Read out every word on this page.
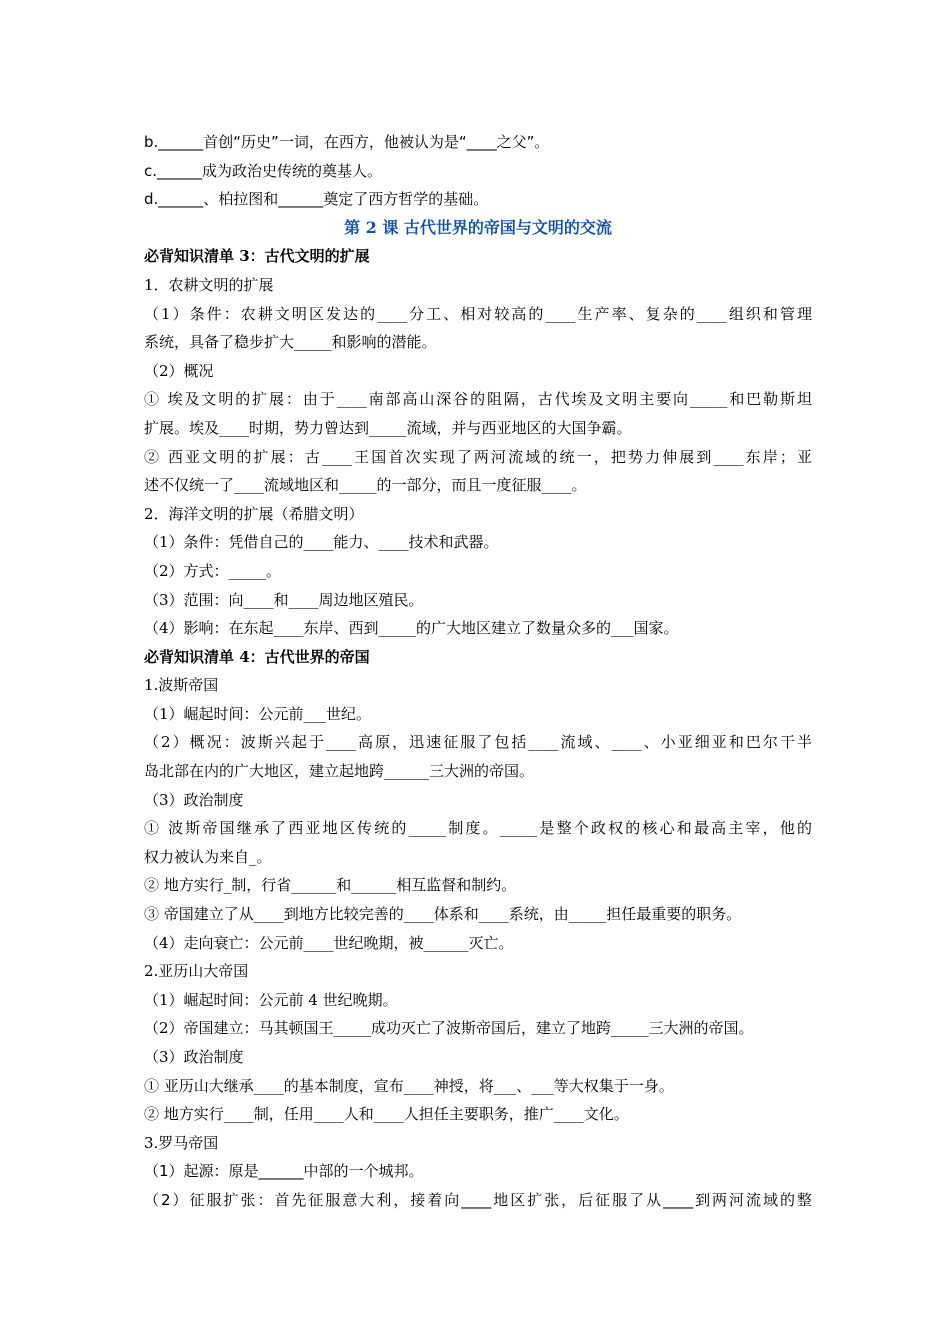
b.______首创“历史”一词，在西方，他被认为是“____之父”。
c.______成为政治史传统的奠基人。
d.______、柏拉图和______奠定了西方哲学的基础。
第 2 课 古代世界的帝国与文明的交流
必背知识清单 3：古代文明的扩展
1．农耕文明的扩展
（1）条件：农耕文明区发达的____分工、相对较高的____生产率、复杂的____组织和管理
系统，具备了稳步扩大_____和影响的潜能。
（2）概况
① 埃及文明的扩展：由于____南部高山深谷的阻隔，古代埃及文明主要向_____和巴勒斯坦
扩展。埃及____时期，势力曾达到_____流域，并与西亚地区的大国争霸。
② 西亚文明的扩展：古____王国首次实现了两河流域的统一，把势力伸展到____东岸；亚
述不仅统一了____流域地区和_____的一部分，而且一度征服____。
2．海洋文明的扩展（希腊文明）
（1）条件：凭借自己的____能力、____技术和武器。
（2）方式：_____。
（3）范围：向____和____周边地区殖民。
（4）影响：在东起____东岸、西到_____的广大地区建立了数量众多的___国家。
必背知识清单 4：古代世界的帝国
1.波斯帝国
（1）崛起时间：公元前___世纪。
（2）概况：波斯兴起于____高原，迅速征服了包括____流域、____、小亚细亚和巴尔干半
岛北部在内的广大地区，建立起地跨______三大洲的帝国。
（3）政治制度
① 波斯帝国继承了西亚地区传统的_____制度。_____是整个政权的核心和最高主宰，他的
权力被认为来自_。
② 地方实行_制，行省______和______相互监督和制约。
③ 帝国建立了从____到地方比较完善的____体系和____系统，由_____担任最重要的职务。
（4）走向衰亡：公元前____世纪晚期，被______灭亡。
2.亚历山大帝国
（1）崛起时间：公元前 4 世纪晚期。
（2）帝国建立：马其顿国王_____成功灭亡了波斯帝国后，建立了地跨_____三大洲的帝国。
（3）政治制度
① 亚历山大继承____的基本制度，宣布____神授，将___、___等大权集于一身。
② 地方实行____制，任用____人和____人担任主要职务，推广____文化。
3.罗马帝国
（1）起源：原是______中部的一个城邦。
（2）征服扩张：首先征服意大利，接着向____地区扩张，后征服了从____到两河流域的整
